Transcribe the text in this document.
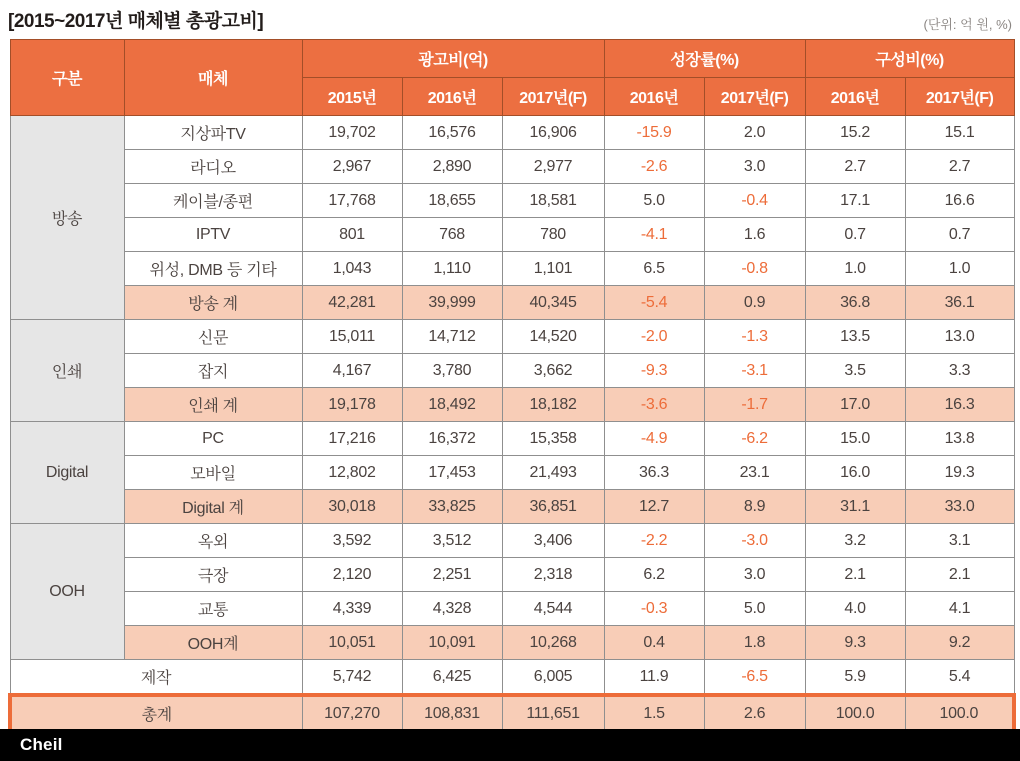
[2015~2017년 매체별 총광고비]	(단위: 억 원, %)
구분	매체	광고비(억)			성장률(%)		구성비(%)	
		2015년	2016년	2017년(F)	2016년	2017년(F)	2016년	2017년(F)
방송	지상파TV	19,702	16,576	16,906	-15.9	2.0	15.2	15.1
	라디오	2,967	2,890	2,977	-2.6	3.0	2.7	2.7
	케이블/종편	17,768	18,655	18,581	5.0	-0.4	17.1	16.6
	IPTV	801	768	780	-4.1	1.6	0.7	0.7
	위성, DMB 등 기타	1,043	1,110	1,101	6.5	-0.8	1.0	1.0
	방송 계	42,281	39,999	40,345	-5.4	0.9	36.8	36.1
인쇄	신문	15,011	14,712	14,520	-2.0	-1.3	13.5	13.0
	잡지	4,167	3,780	3,662	-9.3	-3.1	3.5	3.3
	인쇄 계	19,178	18,492	18,182	-3.6	-1.7	17.0	16.3
Digital	PC	17,216	16,372	15,358	-4.9	-6.2	15.0	13.8
	모바일	12,802	17,453	21,493	36.3	23.1	16.0	19.3
	Digital 계	30,018	33,825	36,851	12.7	8.9	31.1	33.0
OOH	옥외	3,592	3,512	3,406	-2.2	-3.0	3.2	3.1
	극장	2,120	2,251	2,318	6.2	3.0	2.1	2.1
	교통	4,339	4,328	4,544	-0.3	5.0	4.0	4.1
	OOH계	10,051	10,091	10,268	0.4	1.8	9.3	9.2
제작		5,742	6,425	6,005	11.9	-6.5	5.9	5.4
총계		107,270	108,831	111,651	1.5	2.6	100.0	100.0
Cheil
